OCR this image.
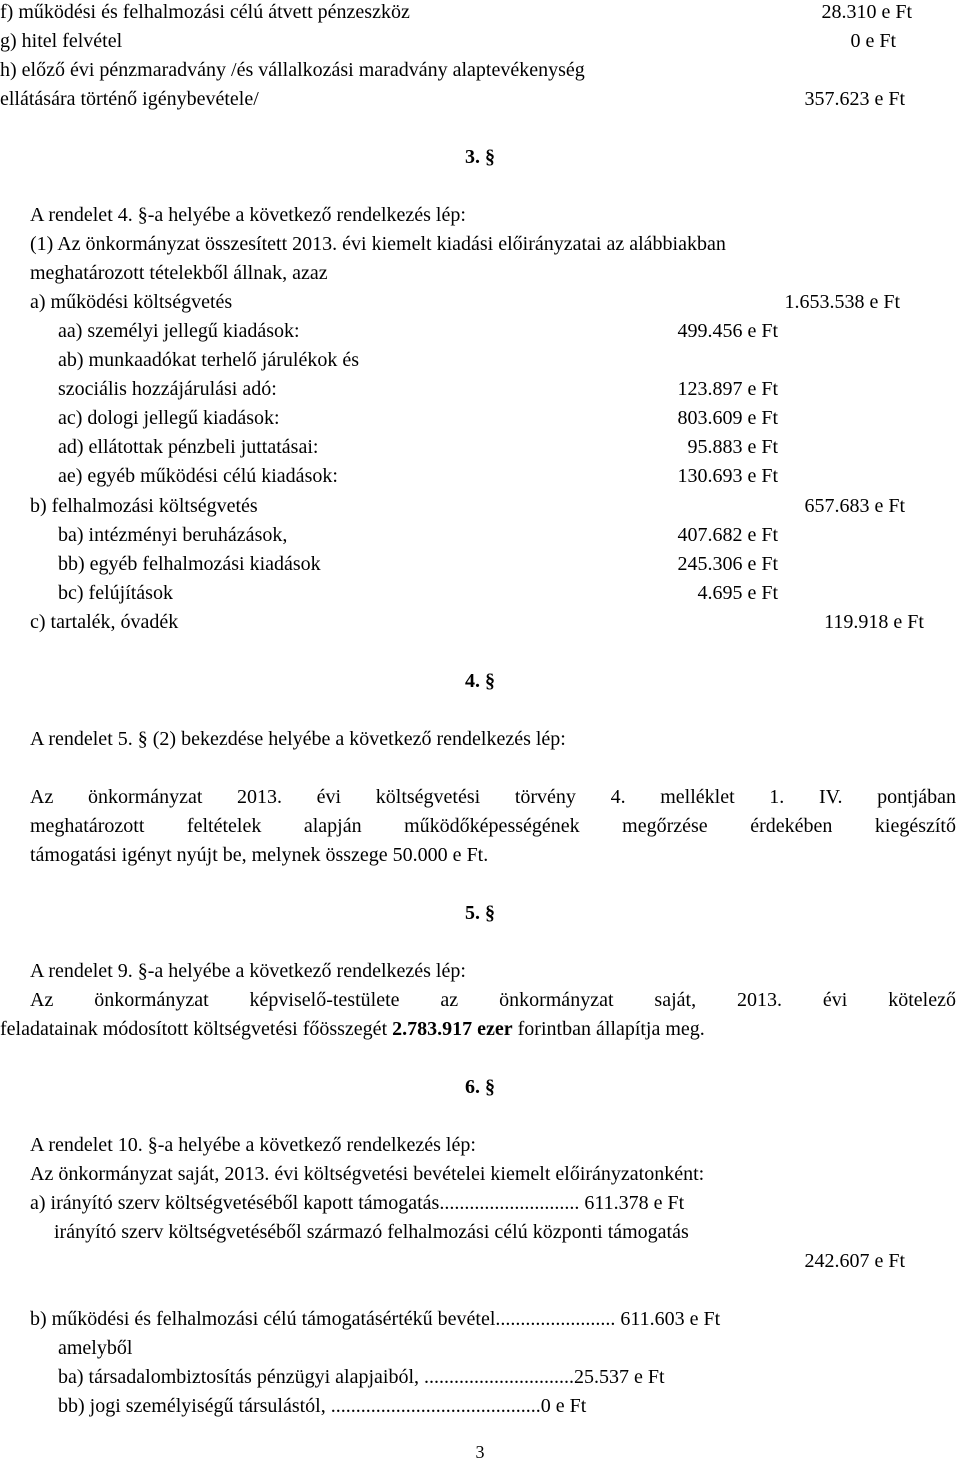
f) működési és felhalmozási célú átvett pénzeszköz	28.310 e Ft
g) hitel felvétel	0 e Ft
h) előző évi pénzmaradvány /és vállalkozási maradvány alaptevékenység
ellátására történő igénybevétele/	357.623 e Ft
3. §
A rendelet 4. §-a helyébe a következő rendelkezés lép:
(1) Az önkormányzat összesített 2013. évi kiemelt kiadási előirányzatai az alábbiakban
meghatározott tételekből állnak, azaz
a) működési költségvetés	1.653.538 e Ft
aa) személyi jellegű kiadások:	499.456 e Ft
ab) munkaadókat terhelő járulékok és
szociális hozzájárulási adó:	123.897 e Ft
ac) dologi jellegű kiadások:	803.609 e Ft
ad) ellátottak pénzbeli juttatásai:	95.883 e Ft
ae) egyéb működési célú kiadások:	130.693 e Ft
b) felhalmozási költségvetés	657.683 e Ft
ba) intézményi beruházások,	407.682 e Ft
bb) egyéb felhalmozási kiadások	245.306 e Ft
bc) felújítások	4.695 e Ft
c) tartalék, óvadék	119.918 e Ft
4. §
A rendelet 5. § (2) bekezdése helyébe a következő rendelkezés lép:
Az önkormányzat 2013. évi költségvetési törvény 4. melléklet 1. IV. pontjában
meghatározott feltételek alapján működőképességének megőrzése érdekében kiegészítő
támogatási igényt nyújt be, melynek összege 50.000 e Ft.
5. §
A rendelet 9. §-a helyébe a következő rendelkezés lép:
Az önkormányzat képviselő-testülete az önkormányzat saját, 2013. évi kötelező
feladatainak módosított költségvetési főösszegét 2.783.917 ezer forintban állapítja meg.
6. §
A rendelet 10. §-a helyébe a következő rendelkezés lép:
Az önkormányzat saját, 2013. évi költségvetési bevételei kiemelt előirányzatonként:
a) irányító szerv költségvetéséből kapott támogatás............................ 611.378 e Ft
irányító szerv költségvetéséből származó felhalmozási célú központi támogatás
242.607 e Ft
b) működési és felhalmozási célú támogatásértékű bevétel........................ 611.603 e Ft
amelyből
ba) társadalombiztosítás pénzügyi alapjaiból, ..............................25.537 e Ft
bb) jogi személyiségű társulástól, ..........................................0 e Ft
3
